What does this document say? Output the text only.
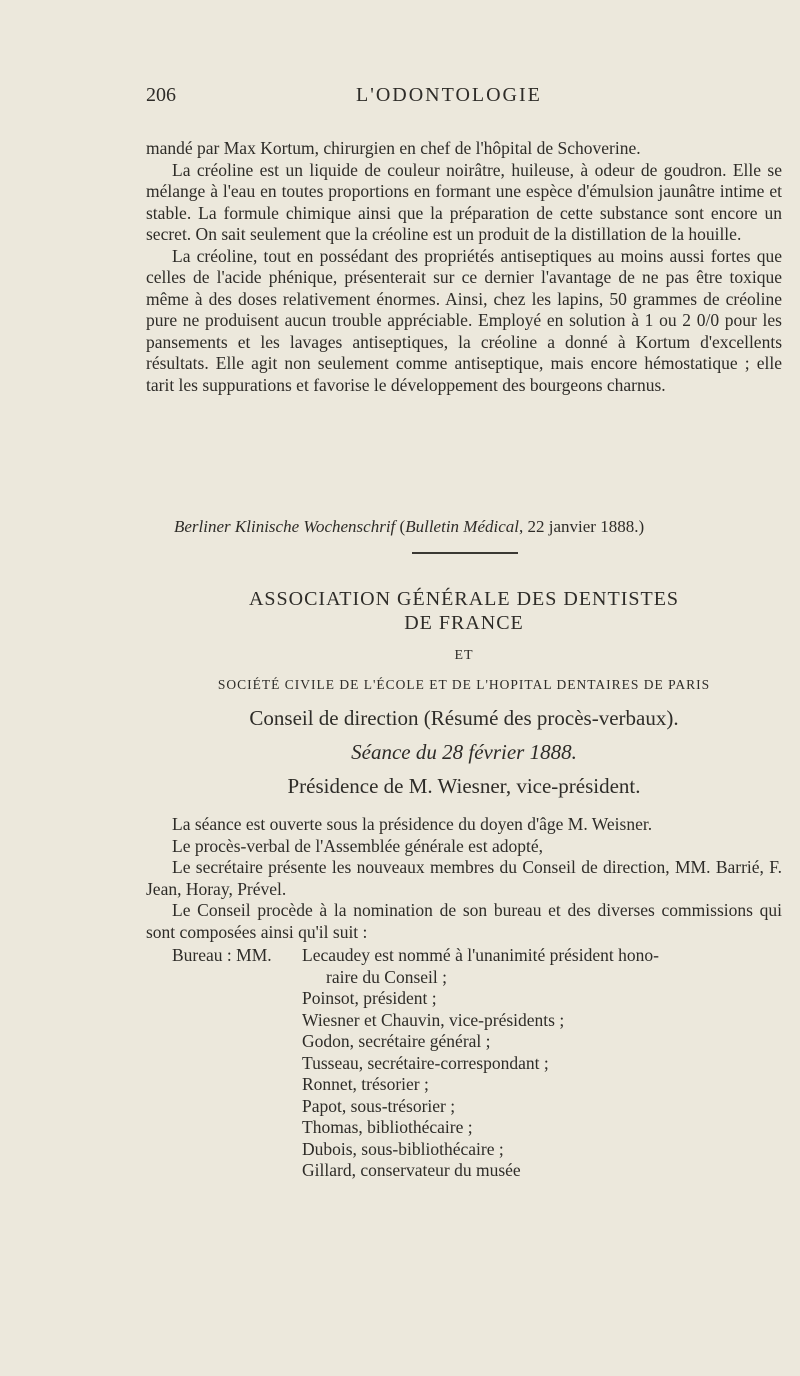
206	L'ODONTOLOGIE

mandé par Max Kortum, chirurgien en chef de l'hôpital de Schoverine.

La créoline est un liquide de couleur noirâtre, huileuse, à odeur de goudron. Elle se mélange à l'eau en toutes proportions en formant une espèce d'émulsion jaunâtre intime et stable. La formule chimique ainsi que la préparation de cette substance sont encore un secret. On sait seulement que la créoline est un produit de la distillation de la houille.

La créoline, tout en possédant des propriétés antiseptiques au moins aussi fortes que celles de l'acide phénique, présenterait sur ce dernier l'avantage de ne pas être toxique même à des doses relativement énormes. Ainsi, chez les lapins, 50 grammes de créoline pure ne produisent aucun trouble appréciable. Employé en solution à 1 ou 2 0/0 pour les pansements et les lavages antiseptiques, la créoline a donné à Kortum d'excellents résultats. Elle agit non seulement comme antiseptique, mais encore hémostatique ; elle tarit les suppurations et favorise le développement des bourgeons charnus.

Berliner Klinische Wochenschrif (Bulletin Médical, 22 janvier 1888.)
ASSOCIATION GÉNÉRALE DES DENTISTES
DE FRANCE
ET
SOCIÉTÉ CIVILE DE L'ÉCOLE ET DE L'HOPITAL DENTAIRES DE PARIS
Conseil de direction (Résumé des procès-verbaux).
Séance du 28 février 1888.
Présidence de M. Wiesner, vice-président.

La séance est ouverte sous la présidence du doyen d'âge M. Weisner.

Le procès-verbal de l'Assemblée générale est adopté,

Le secrétaire présente les nouveaux membres du Conseil de direction, MM. Barrié, F. Jean, Horay, Prével.

Le Conseil procède à la nomination de son bureau et des diverses commissions qui sont composées ainsi qu'il suit :

Bureau : MM. Lecaudey est nommé à l'unanimité président hono-
raire du Conseil ;
Poinsot, président ;
Wiesner et Chauvin, vice-présidents ;
Godon, secrétaire général ;
Tusseau, secrétaire-correspondant ;
Ronnet, trésorier ;
Papot, sous-trésorier ;
Thomas, bibliothécaire ;
Dubois, sous-bibliothécaire ;
Gillard, conservateur du musée
